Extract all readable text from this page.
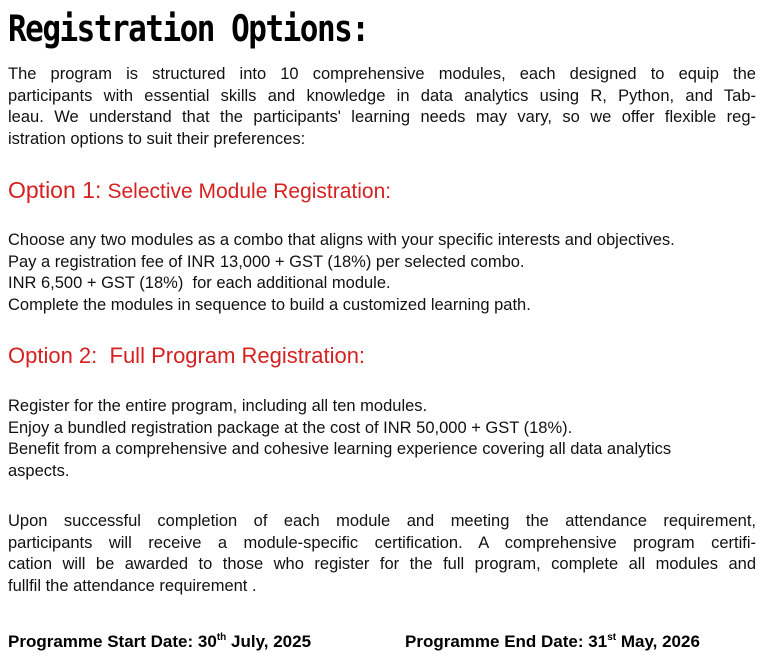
Registration Options:
The program is structured into 10 comprehensive modules, each designed to equip the
participants with essential skills and knowledge in data analytics using R, Python, and Tab-
leau. We understand that the participants' learning needs may vary, so we offer flexible reg-
istration options to suit their preferences:
Option 1: Selective Module Registration:
Choose any two modules as a combo that aligns with your specific interests and objectives.
Pay a registration fee of INR 13,000 + GST (18%) per selected combo.
INR 6,500 + GST (18%)  for each additional module.
Complete the modules in sequence to build a customized learning path.
Option 2:  Full Program Registration:
Register for the entire program, including all ten modules.
Enjoy a bundled registration package at the cost of INR 50,000 + GST (18%).
Benefit from a comprehensive and cohesive learning experience covering all data analytics
aspects.
Upon successful completion of each module and meeting the attendance requirement,
participants will receive a module-specific certification. A comprehensive program certifi-
cation will be awarded to those who register for the full program, complete all modules and
fullfil the attendance requirement .
Programme Start Date: 30th July, 2025	Programme End Date: 31st May, 2026
